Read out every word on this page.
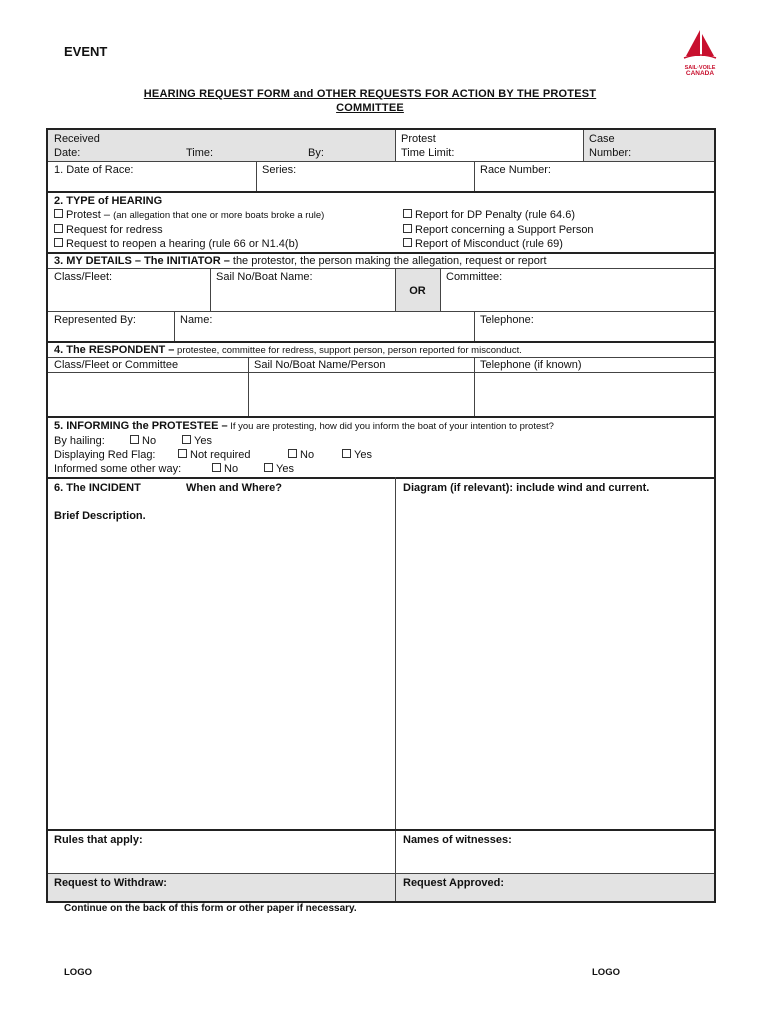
EVENT
SAIL·VOILE
CANADA
HEARING REQUEST FORM and OTHER REQUESTS FOR ACTION BY THE PROTEST
COMMITTEE
Received
Date:	Time:	By:
Protest
Time Limit:
Case
Number:
1. Date of Race:	Series:	Race Number:
2. TYPE of HEARING
Protest – (an allegation that one or more boats broke a rule)
Request for redress
Request to reopen a hearing (rule 66 or N1.4(b)
Report for DP Penalty (rule 64.6)
Report concerning a Support Person
Report of Misconduct (rule 69)
3. MY DETAILS – The INITIATOR – the protestor, the person making the allegation, request or report
Class/Fleet:	Sail No/Boat Name:
OR
Committee:
Represented By:	Name:	Telephone:
4. The RESPONDENT – protestee, committee for redress, support person, person reported for misconduct.
Class/Fleet or Committee	Sail No/Boat Name/Person	Telephone (if known)
5. INFORMING the PROTESTEE – If you are protesting, how did you inform the boat of your intention to protest?
By hailing:	No	Yes
Displaying Red Flag:	Not required	No	Yes
Informed some other way:	No	Yes
6. The INCIDENT	When and Where?
Brief Description.
Diagram (if relevant): include wind and current.
Rules that apply:	Names of witnesses:
Request to Withdraw:	Request Approved:
Continue on the back of this form or other paper if necessary.
LOGO	LOGO
